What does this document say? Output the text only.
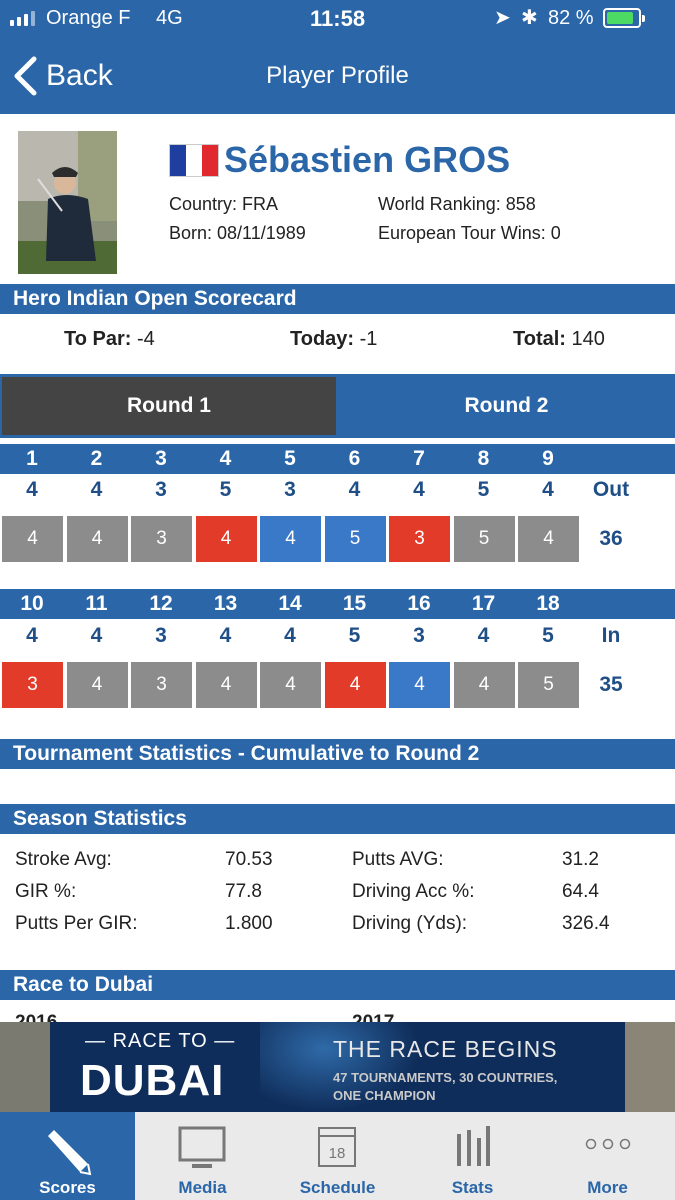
Orange F 4G	11:58	➤ ✱ 82 %
Back	Player Profile
Sébastien GROS
Country: FRA
Born: 08/11/1989
World Ranking: 858
European Tour Wins: 0
Hero Indian Open Scorecard
To Par: -4	Today: -1	Total: 140
Round 1	Round 2
1	2	3	4	5	6	7	8	9
4	4	3	5	3	4	4	5	4	Out
4	4	3	4	4	5	3	5	4	36
10	11	12	13	14	15	16	17	18
4	4	3	4	4	5	3	4	5	In
3	4	3	4	4	4	4	4	5	35
Tournament Statistics - Cumulative to Round 2
Season Statistics
Stroke Avg:	70.53	Putts AVG:	31.2
GIR %:	77.8	Driving Acc %:	64.4
Putts Per GIR:	1.800	Driving (Yds):	326.4
Race to Dubai
— RACE TO —
DUBAI
THE RACE BEGINS
47 TOURNAMENTS, 30 COUNTRIES,
ONE CHAMPION
Scores	Media
18
Schedule	Stats	More
